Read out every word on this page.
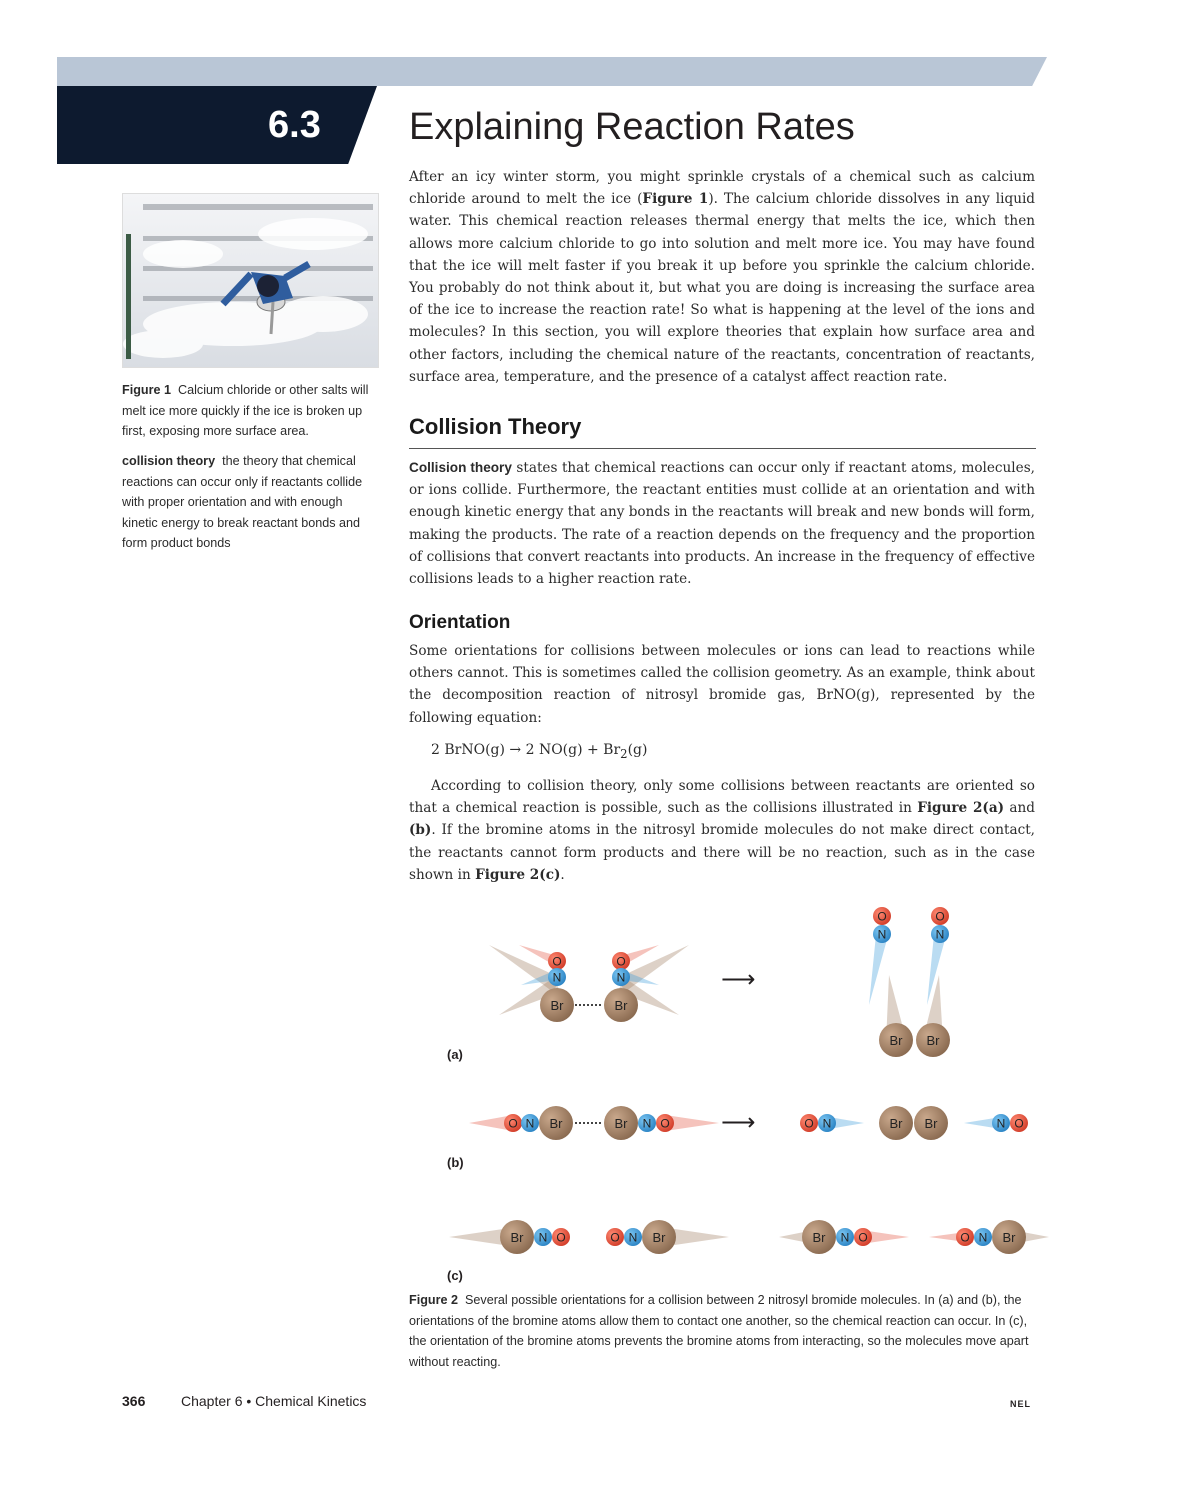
6.3 Explaining Reaction Rates
After an icy winter storm, you might sprinkle crystals of a chemical such as calcium chloride around to melt the ice (Figure 1). The calcium chloride dissolves in any liquid water. This chemical reaction releases thermal energy that melts the ice, which then allows more calcium chloride to go into solution and melt more ice. You may have found that the ice will melt faster if you break it up before you sprinkle the calcium chloride. You probably do not think about it, but what you are doing is increasing the surface area of the ice to increase the reaction rate! So what is happening at the level of the ions and molecules? In this section, you will explore theories that explain how surface area and other factors, including the chemical nature of the reactants, concentration of reactants, surface area, temperature, and the presence of a catalyst affect reaction rate.
Collision Theory
Collision theory states that chemical reactions can occur only if reactant atoms, molecules, or ions collide. Furthermore, the reactant entities must collide at an orientation and with enough kinetic energy that any bonds in the reactants will break and new bonds will form, making the products. The rate of a reaction depends on the frequency and the proportion of collisions that convert reactants into products. An increase in the frequency of effective collisions leads to a higher reaction rate.
Orientation
Some orientations for collisions between molecules or ions can lead to reactions while others cannot. This is sometimes called the collision geometry. As an example, think about the decomposition reaction of nitrosyl bromide gas, BrNO(g), represented by the following equation:
2 BrNO(g) → 2 $NO(g) + Br_2(g)$
According to collision theory, only some collisions between reactants are oriented so that a chemical reaction is possible, such as the collisions illustrated in Figure 2(a) and (b). If the bromine atoms in the nitrosyl bromide molecules do not make direct contact, the reactants cannot form products and there will be no reaction, such as in the case shown in Figure 2(c).
Figure 1 Calcium chloride or other salts will melt ice more quickly if the ice is broken up first, exposing more surface area.
collision theory the theory that chemical reactions can occur only if reactants collide with proper orientation and with enough kinetic energy to break reactant bonds and form product bonds
O
N
Br
O
N
Br
O
N
O
N
Br Br
O N Br	Br N O	O N	Br Br	N O
Br N O	O N Br	Br N O	O N Br
(a)
(b)
(c)
⟶
⟶
Figure 2 Several possible orientations for a collision between 2 nitrosyl bromide molecules. In (a) and (b), the orientations of the bromine atoms allow them to contact one another, so the chemical reaction can occur. In (c), the orientation of the bromine atoms prevents the bromine atoms from interacting, so the molecules move apart without reacting.
366	Chapter 6 • Chemical Kinetics	NEL
